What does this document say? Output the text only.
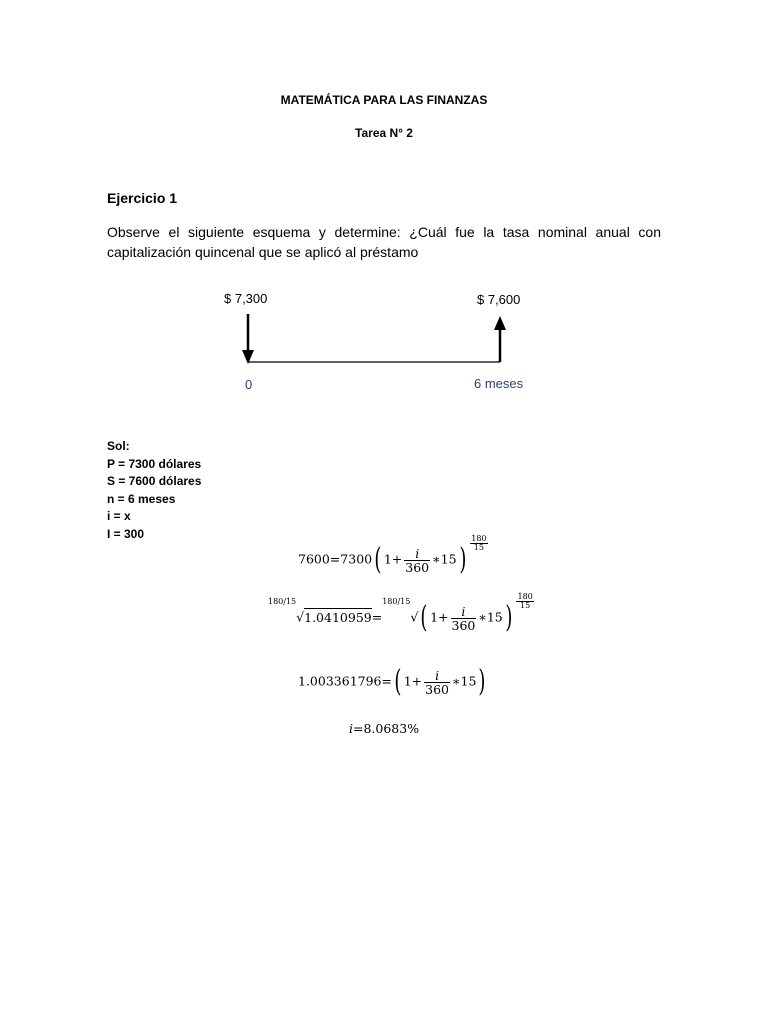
MATEMÁTICA PARA LAS FINANZAS
Tarea N° 2
Ejercicio 1
Observe el siguiente esquema y determine: ¿Cuál fue la tasa nominal anual con capitalización quincenal que se aplicó al préstamo
$ 7,300	$ 7,600
0	6 meses
Sol:
P = 7300 dólares
S = 7600 dólares
n = 6 meses
i = x
I = 300
7600=7300( $1+ \frac{i}{360}$ ∗15) $\frac{180}{15}$
$^{180/15}$√1.0410959=$^{180/15}$√( $1+ \frac{i}{360}$ ∗15) $\frac{180}{15}$
1.003361796=( $1+ \frac{i}{360}$ ∗15)
i=8.0683%
